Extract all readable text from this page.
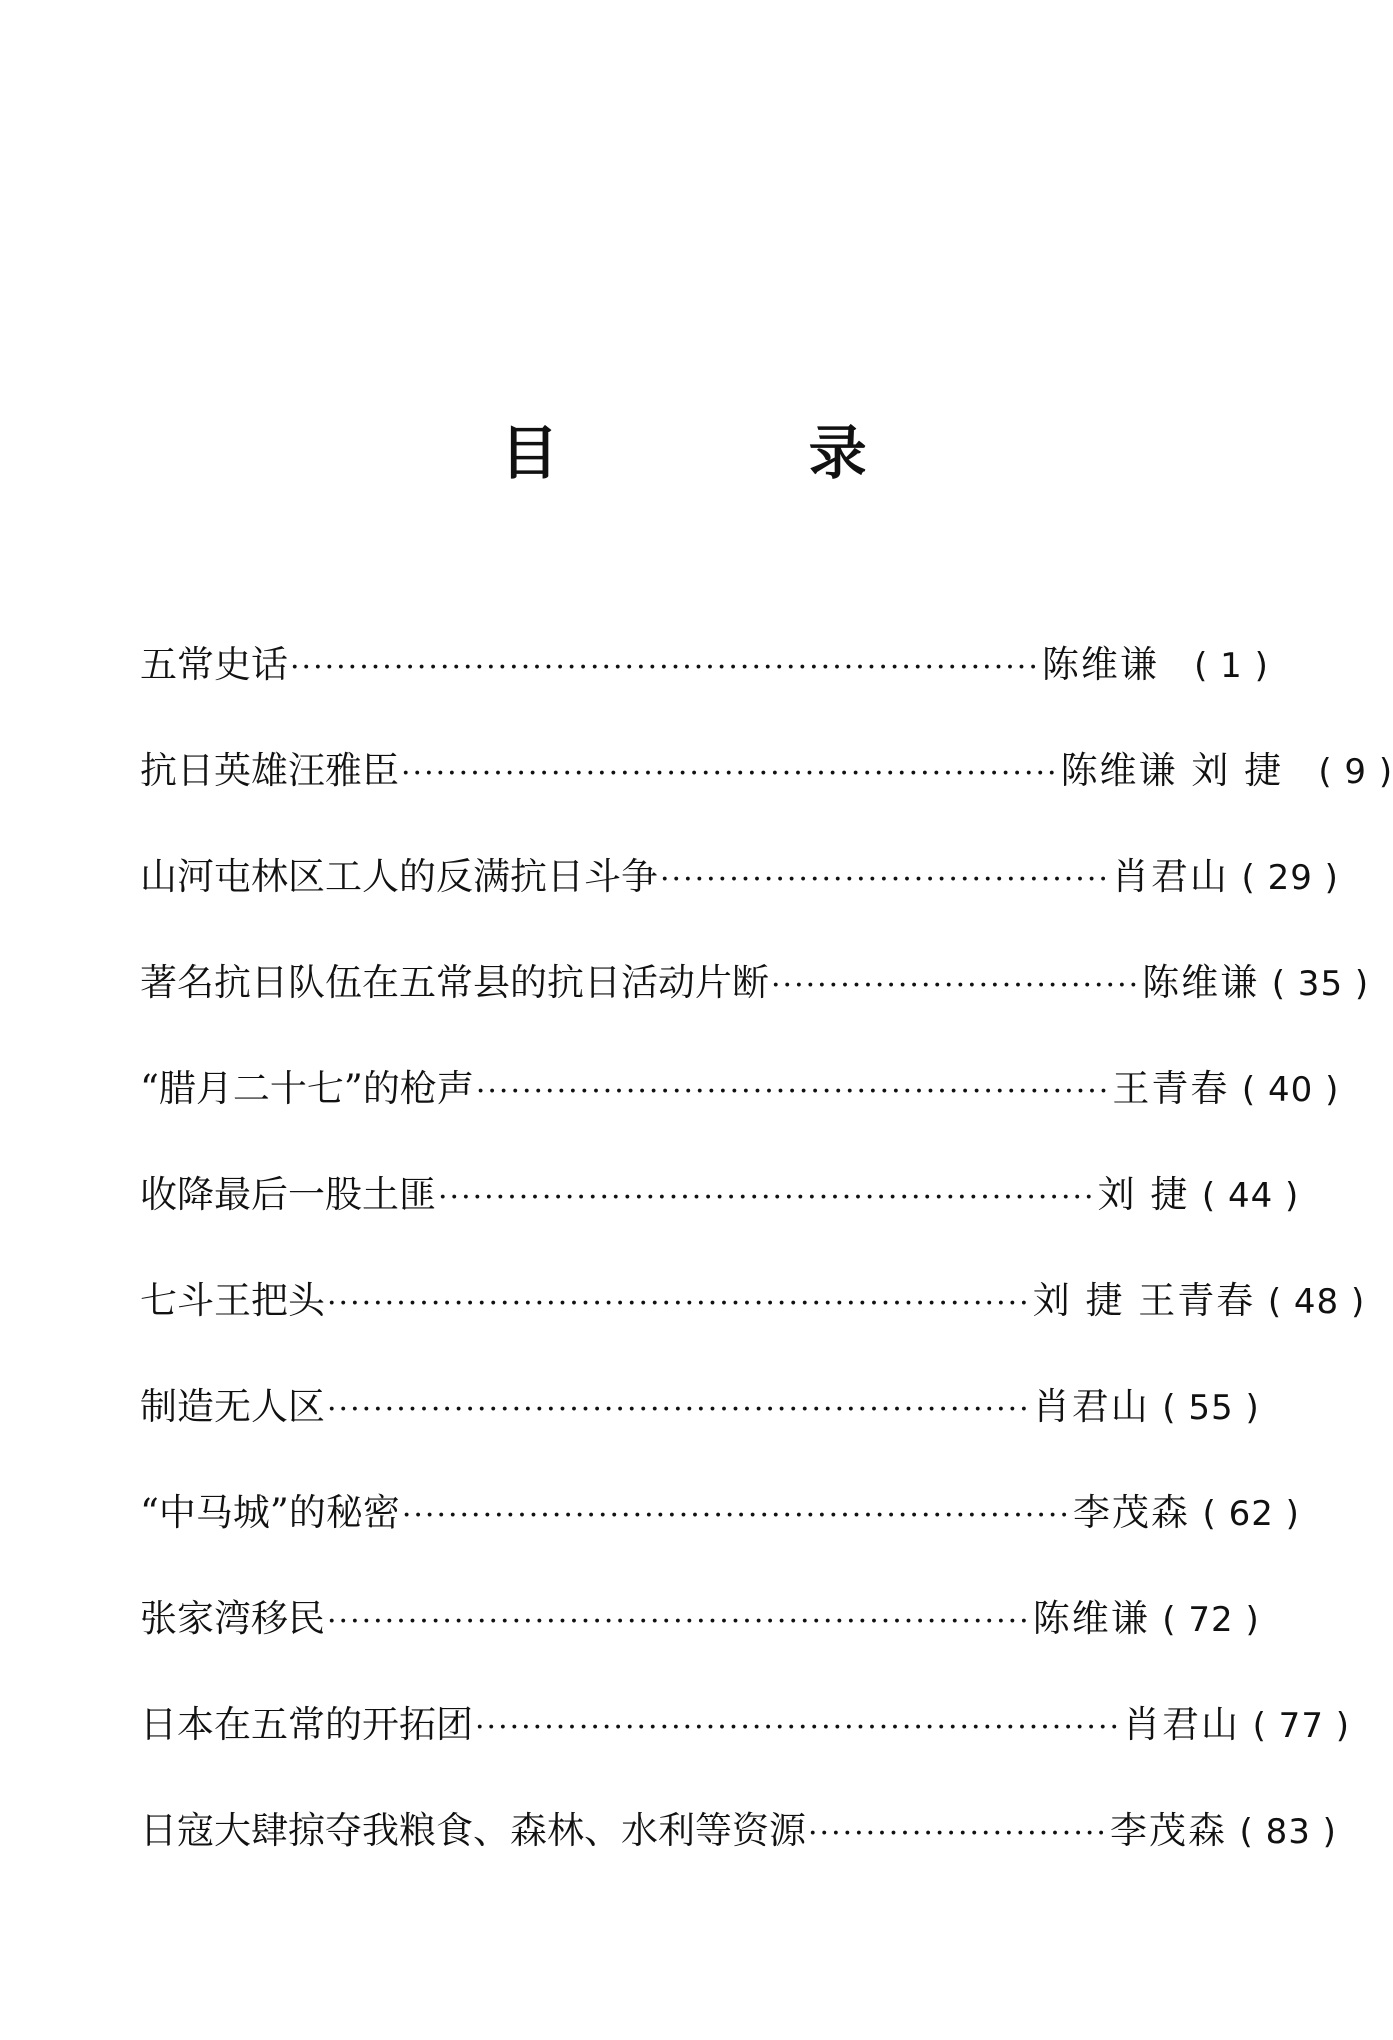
目 录
五常史话 ································································· 陈维谦	( 1 )
抗日英雄汪雅臣 ························································· 陈维谦 刘 捷	( 9 )
山河屯林区工人的反满抗日斗争 ······································· 肖君山 ( 29 )
著名抗日队伍在五常县的抗日活动片断 ································ 陈维谦 ( 35 )
“腊月二十七”的枪声 ······················································· 王青春 ( 40 )
收降最后一股土匪 ························································· 刘 捷 ( 44 )
七斗王把头 ····························································· 刘 捷 王青春 ( 48 )
制造无人区 ····························································· 肖君山 ( 55 )
“中马城”的秘密 ·························································· 李茂森 ( 62 )
张家湾移民 ····························································· 陈维谦 ( 72 )
日本在五常的开拓团 ························································ 肖君山 ( 77 )
日寇大肆掠夺我粮食、森林、水利等资源 ·························· 李茂森 ( 83 )
